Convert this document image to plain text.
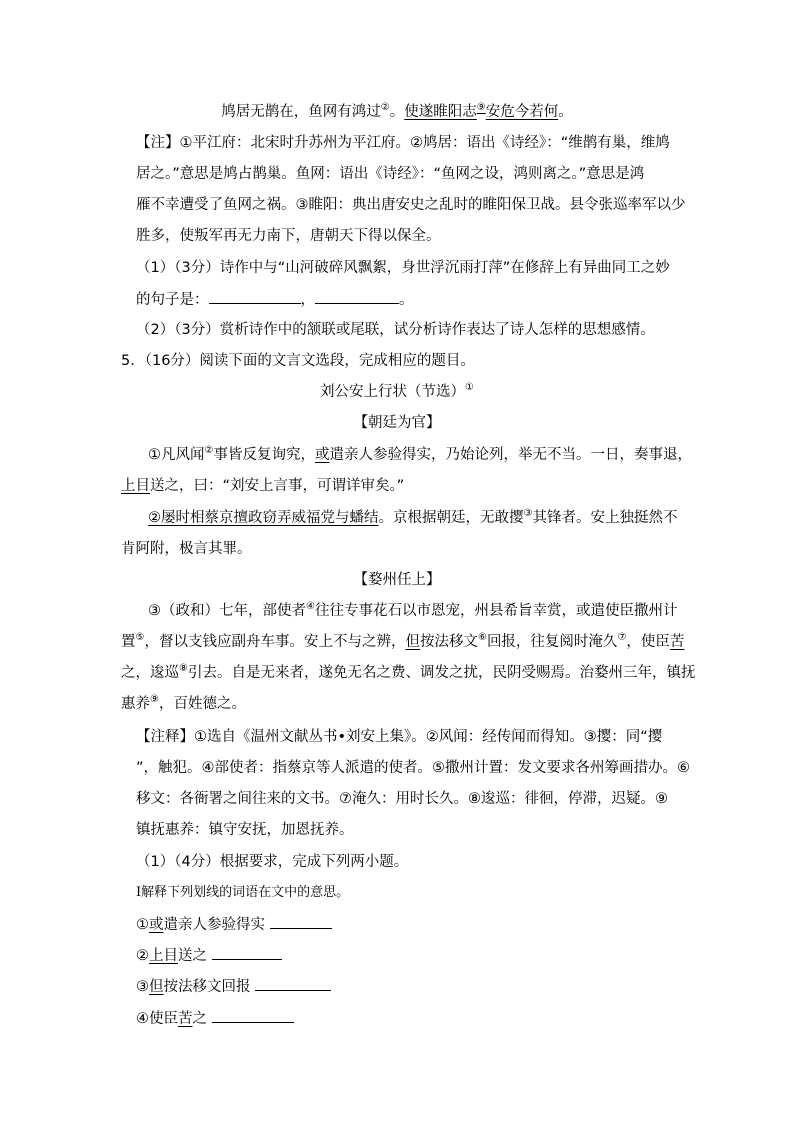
鸠居无鹊在，鱼网有鸿过②。使遂睢阳志⑨安危今若何。
【注】①平江府：北宋时升苏州为平江府。②鸠居：语出《诗经》：“维鹊有巢，维鸠
居之。”意思是鸠占鹊巢。鱼网：语出《诗经》：“鱼网之设，鸿则离之。”意思是鸿
雁不幸遭受了鱼网之祸。③睢阳：典出唐安史之乱时的睢阳保卫战。县令张巡率军以少
胜多，使叛军再无力南下，唐朝天下得以保全。
（1）（3分）诗作中与“山河破碎风飘絮，身世浮沉雨打萍”在修辞上有异曲同工之妙
的句子是：	，	。
（2）（3分）赏析诗作中的颔联或尾联，试分析诗作表达了诗人怎样的思想感情。
5．（16分）阅读下面的文言文选段，完成相应的题目。
刘公安上行状（节选）①
【朝廷为官】
①凡风闻②事皆反复询究，或遣亲人参验得实，乃始论列，举无不当。一日，奏事退，
上目送之，曰：“刘安上言事，可谓详审矣。”
②屡时相蔡京擅政窃弄威福党与蟠结。京根据朝廷，无敢撄③其锋者。安上独挺然不
肯阿附，极言其罪。
【婺州任上】
③（政和）七年，部使者④往往专事花石以市恩宠，州县希旨幸赏，或遣使臣撒州计
置⑤，督以支钱应副舟车事。安上不与之辨，但按法移文⑥回报，往复阅时淹久⑦，使臣苦
之，逡巡⑧引去。自是无来者，遂免无名之费、调发之扰，民阴受赐焉。治婺州三年，镇抚
惠养⑨，百姓德之。
【注释】①选自《温州文献丛书•刘安上集》。②风闻：经传闻而得知。③撄：同“撄
”，触犯。④部使者：指蔡京等人派遣的使者。⑤撒州计置：发文要求各州筹画措办。⑥
移文：各衙署之间往来的文书。⑦淹久：用时长久。⑧逡巡：徘徊，停滞，迟疑。⑨
镇抚惠养：镇守安抚，加恩抚养。
（1）（4分）根据要求，完成下列两小题。
Ⅰ解释下列划线的词语在文中的意思。
①或遣亲人参验得实
②上目送之
③但按法移文回报
④使臣苦之
